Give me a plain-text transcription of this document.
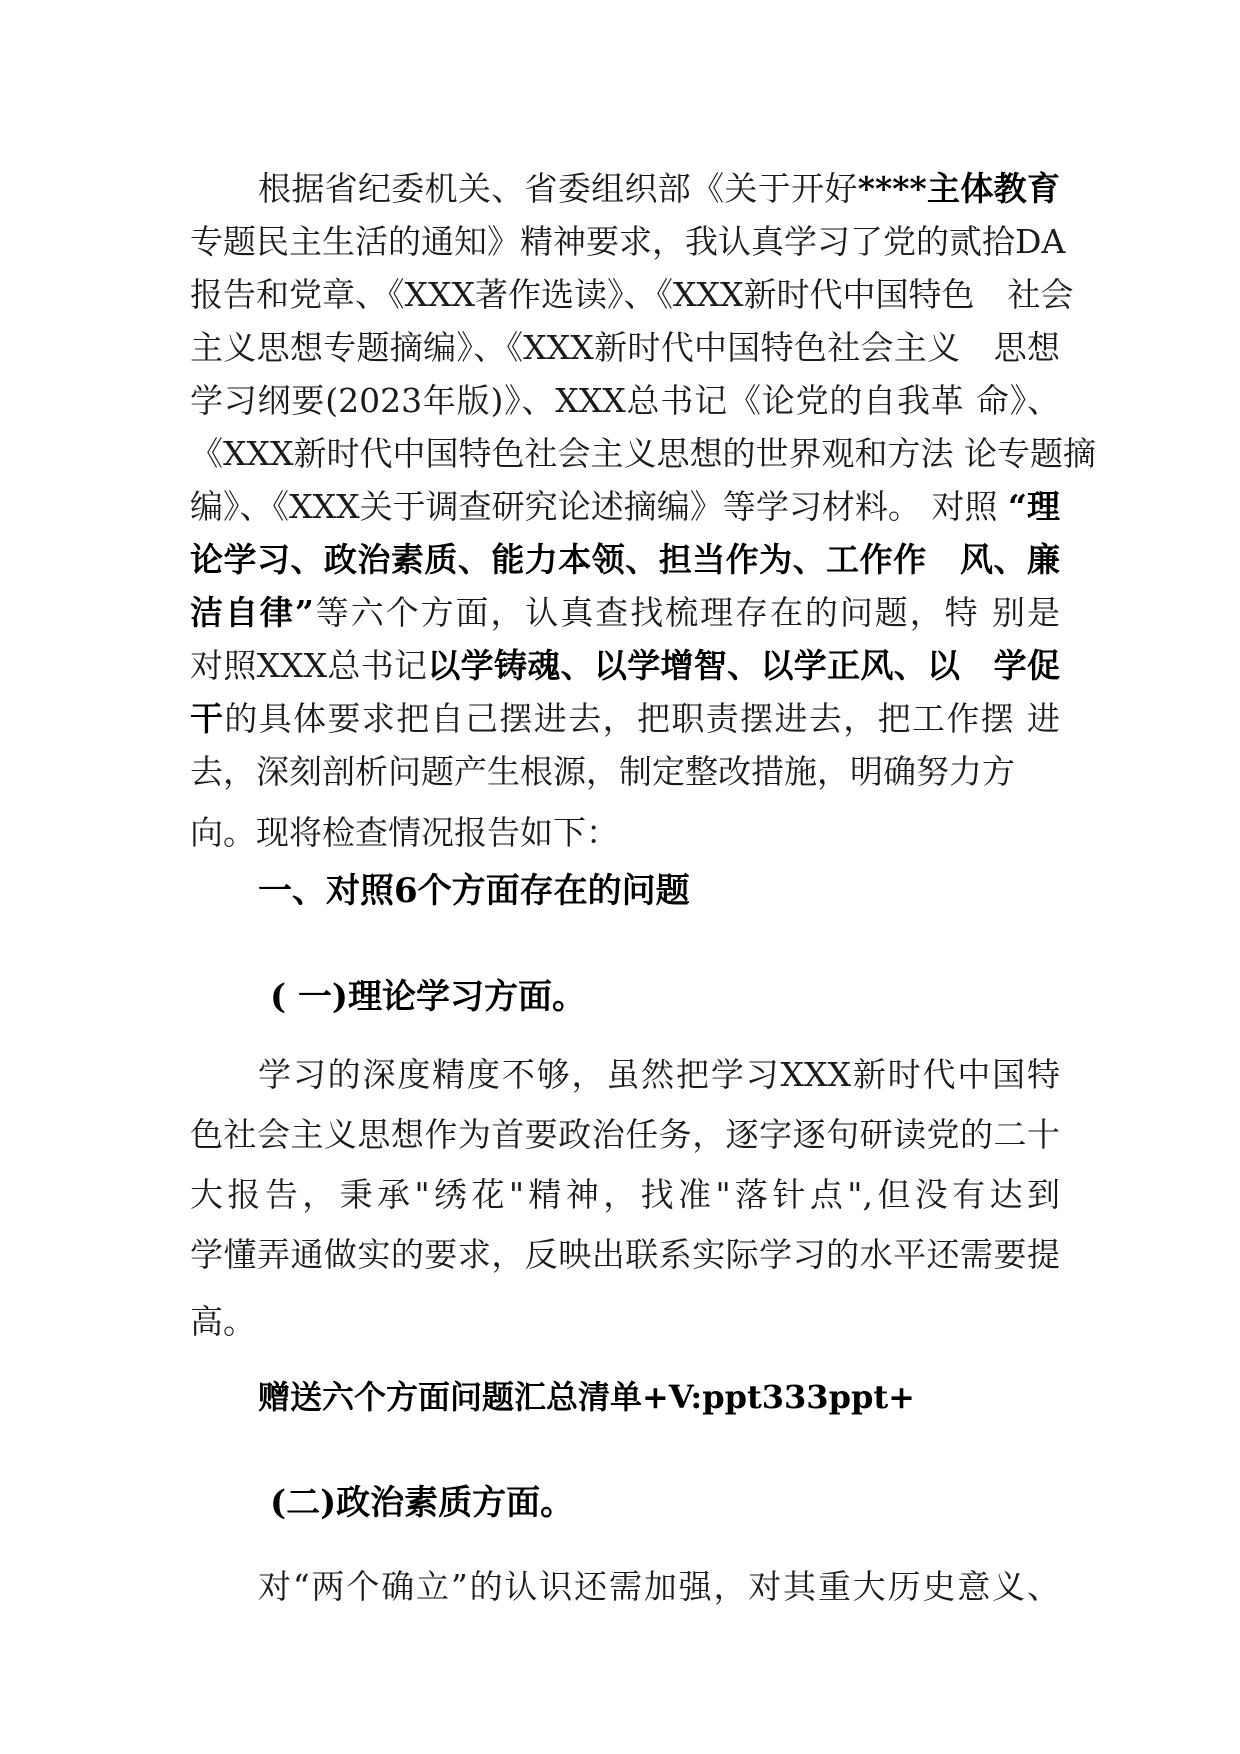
根据省纪委机关、省委组织部《关于开好****主体教育
专题民主生活的通知》精神要求，我认真学习了党的贰拾DA
报告和党章、《XXX著作选读》、《XXX新时代中国特色　社会
主义思想专题摘编》、《XXX新时代中国特色社会主义　思想
学习纲要(2023年版)》、XXX总书记《论党的自我革 命》、
《XXX新时代中国特色社会主义思想的世界观和方法 论专题摘
编》、《XXX关于调查研究论述摘编》等学习材料。 对照 “理
论学习、政治素质、能力本领、担当作为、工作作　风、廉
洁自律”等六个方面，认真查找梳理存在的问题，特 别是
对照XXX总书记以学铸魂、以学增智、以学正风、以　学促
干的具体要求把自己摆进去，把职责摆进去，把工作摆 进
去，深刻剖析问题产生根源，制定整改措施，明确努力方
向。现将检查情况报告如下：
一、对照6个方面存在的问题
( 一)理论学习方面。
学习的深度精度不够，虽然把学习XXX新时代中国特
色社会主义思想作为首要政治任务，逐字逐句研读党的二十
大报告，秉承"绣花"精神，找准"落针点",但没有达到
学懂弄通做实的要求，反映出联系实际学习的水平还需要提
高。
赠送六个方面问题汇总清单+V:ppt333ppt+
(二)政治素质方面。
对“两个确立”的认识还需加强，对其重大历史意义、
